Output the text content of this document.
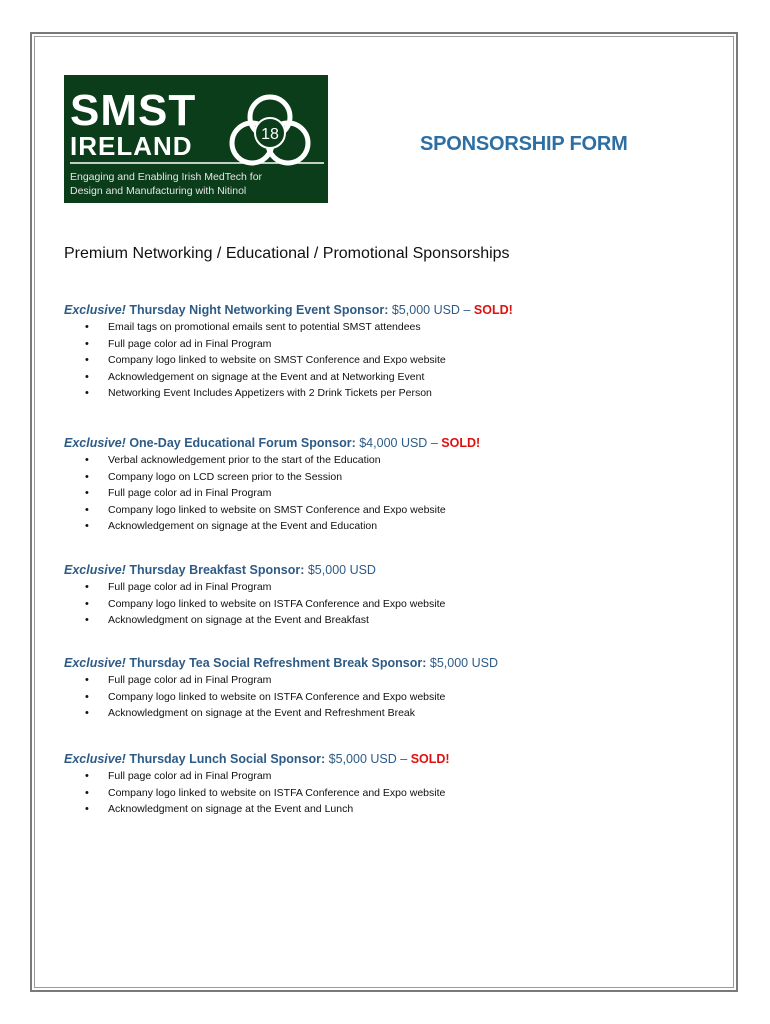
SMST
IRELAND	18
Engaging and Enabling Irish MedTech for
Design and Manufacturing with Nitinol
SPONSORSHIP FORM
Premium Networking / Educational / Promotional Sponsorships
Exclusive! Thursday Night Networking Event Sponsor: $5,000 USD – SOLD!
• Email tags on promotional emails sent to potential SMST attendees
• Full page color ad in Final Program
• Company logo linked to website on SMST Conference and Expo website
• Acknowledgement on signage at the Event and at Networking Event
• Networking Event Includes Appetizers with 2 Drink Tickets per Person
Exclusive! One-Day Educational Forum Sponsor: $4,000 USD – SOLD!
• Verbal acknowledgement prior to the start of the Education
• Company logo on LCD screen prior to the Session
• Full page color ad in Final Program
• Company logo linked to website on SMST Conference and Expo website
• Acknowledgement on signage at the Event and Education
Exclusive! Thursday Breakfast Sponsor: $5,000 USD
• Full page color ad in Final Program
• Company logo linked to website on ISTFA Conference and Expo website
• Acknowledgment on signage at the Event and Breakfast
Exclusive! Thursday Tea Social Refreshment Break Sponsor: $5,000 USD
• Full page color ad in Final Program
• Company logo linked to website on ISTFA Conference and Expo website
• Acknowledgment on signage at the Event and Refreshment Break
Exclusive! Thursday Lunch Social Sponsor: $5,000 USD – SOLD!
• Full page color ad in Final Program
• Company logo linked to website on ISTFA Conference and Expo website
• Acknowledgment on signage at the Event and Lunch
